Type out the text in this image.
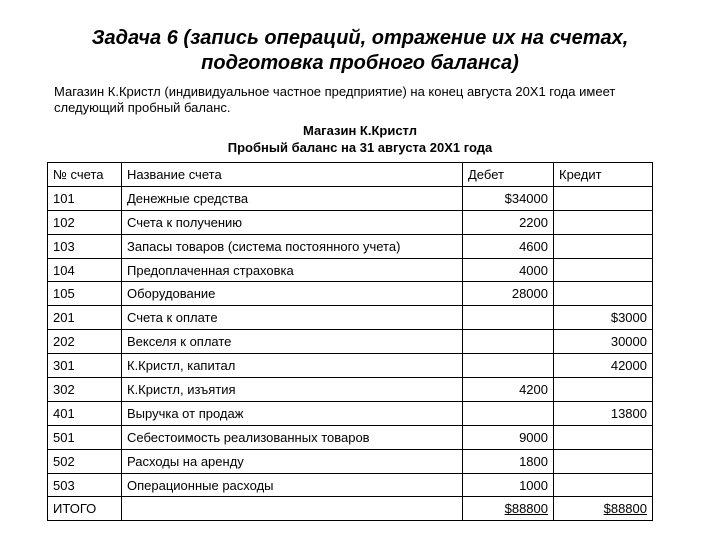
Задача 6 (запись операций, отражение их на счетах,
подготовка пробного баланса)
Магазин К.Кристл (индивидуальное частное предприятие) на конец августа 20Х1 года имеет следующий пробный баланс.
Магазин К.Кристл
Пробный баланс на 31 августа 20Х1 года
№ счета	Название счета	Дебет	Кредит
101	Денежные средства	$34000	
102	Счета к получению	2200	
103	Запасы товаров (система постоянного учета)	4600	
104	Предоплаченная страховка	4000	
105	Оборудование	28000	
201	Счета к оплате		$3000
202	Векселя к оплате		30000
301	К.Кристл, капитал		42000
302	К.Кристл, изъятия	4200	
401	Выручка от продаж		13800
501	Себестоимость реализованных товаров	9000	
502	Расходы на аренду	1800	
503	Операционные расходы	1000	
ИТОГО		$88800	$88800
